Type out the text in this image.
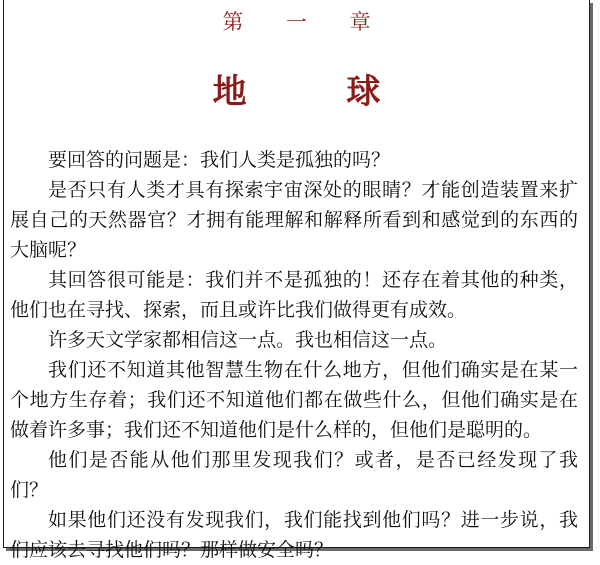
第 一 章
地 球

要回答的问题是：我们人类是孤独的吗？

是否只有人类才具有探索宇宙深处的眼睛？才能创造装置来扩展自己的天然器官？才拥有能理解和解释所看到和感觉到的东西的大脑呢？

其回答很可能是：我们并不是孤独的！还存在着其他的种类，他们也在寻找、探索，而且或许比我们做得更有成效。

许多天文学家都相信这一点。我也相信这一点。

我们还不知道其他智慧生物在什么地方，但他们确实是在某一个地方生存着；我们还不知道他们都在做些什么，但他们确实是在做着许多事；我们还不知道他们是什么样的，但他们是聪明的。

他们是否能从他们那里发现我们？或者，是否已经发现了我们？

如果他们还没有发现我们，我们能找到他们吗？进一步说，我们应该去寻找他们吗？那样做安全吗？
